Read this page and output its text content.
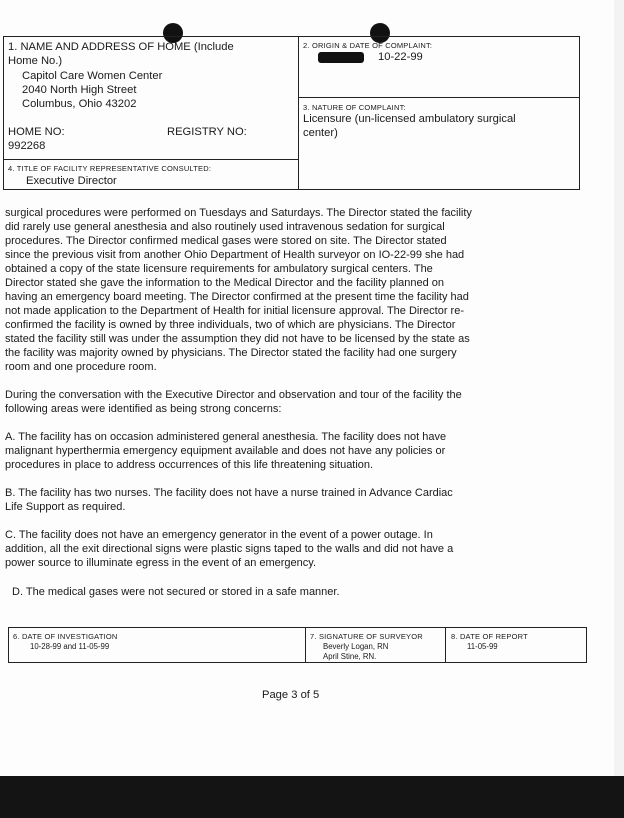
1. NAME AND ADDRESS OF HOME (Include
Home No.)
Capitol Care Women Center
2040 North High Street
Columbus, Ohio 43202
HOME NO:	REGISTRY NO:
992268
2. ORIGIN & DATE OF COMPLAINT:
10-22-99
3. NATURE OF COMPLAINT:
Licensure (un-licensed ambulatory surgical
center)
4. TITLE OF FACILITY REPRESENTATIVE CONSULTED:
Executive Director
surgical procedures were performed on Tuesdays and Saturdays. The Director stated the facility
did rarely use general anesthesia and also routinely used intravenous sedation for surgical
procedures. The Director confirmed medical gases were stored on site. The Director stated
since the previous visit from another Ohio Department of Health surveyor on IO-22-99 she had
obtained a copy of the state licensure requirements for ambulatory surgical centers. The
Director stated she gave the information to the Medical Director and the facility planned on
having an emergency board meeting. The Director confirmed at the present time the facility had
not made application to the Department of Health for initial licensure approval. The Director re-
confirmed the facility is owned by three individuals, two of which are physicians. The Director
stated the facility still was under the assumption they did not have to be licensed by the state as
the facility was majority owned by physicians. The Director stated the facility had one surgery
room and one procedure room.
During the conversation with the Executive Director and observation and tour of the facility the
following areas were identified as being strong concerns:
A. The facility has on occasion administered general anesthesia. The facility does not have
malignant hyperthermia emergency equipment available and does not have any policies or
procedures in place to address occurrences of this life threatening situation.
B. The facility has two nurses. The facility does not have a nurse trained in Advance Cardiac
Life Support as required.
C. The facility does not have an emergency generator in the event of a power outage. In
addition, all the exit directional signs were plastic signs taped to the walls and did not have a
power source to illuminate egress in the event of an emergency.
D. The medical gases were not secured or stored in a safe manner.
6. DATE OF INVESTIGATION
10-28-99 and 11-05-99
7. SIGNATURE OF SURVEYOR
Beverly Logan, RN
April Stine, RN.
8. DATE OF REPORT
11-05-99
Page 3 of 5
